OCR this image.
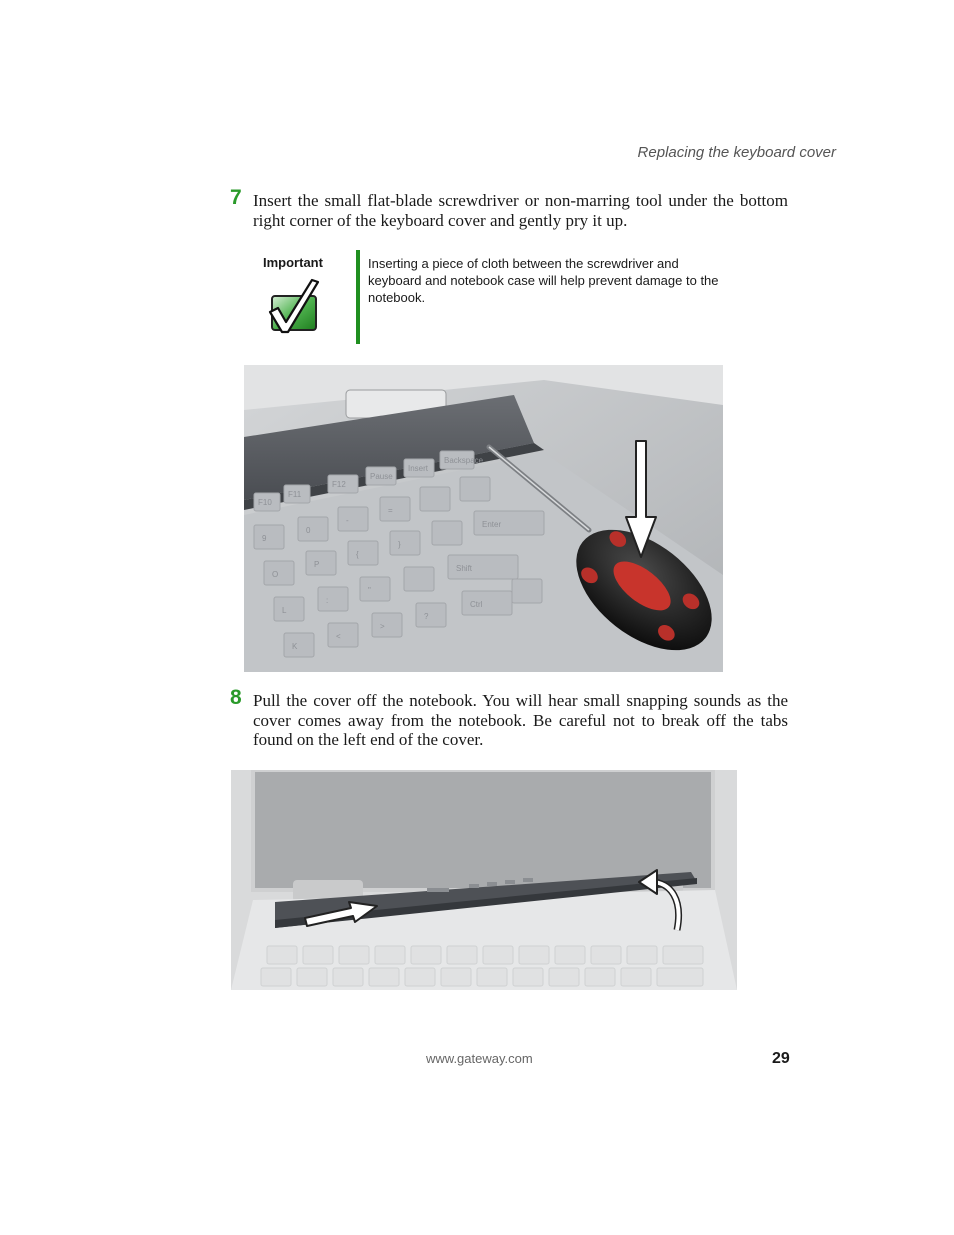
Replacing the keyboard cover
7 Insert the small flat-blade screwdriver or non-marring tool under the bottom right corner of the keyboard cover and gently pry it up.
Important	Inserting a piece of cloth between the screwdriver and keyboard and notebook case will help prevent damage to the notebook.
F10
F11
F12
Pause
Insert
Backspace
9
0
-
=
O
P
{
}
Enter
L
:
"
Shift
K
<
>
?
Ctrl
8 Pull the cover off the notebook. You will hear small snapping sounds as the cover comes away from the notebook. Be careful not to break off the tabs found on the left end of the cover.
www.gateway.com	29
